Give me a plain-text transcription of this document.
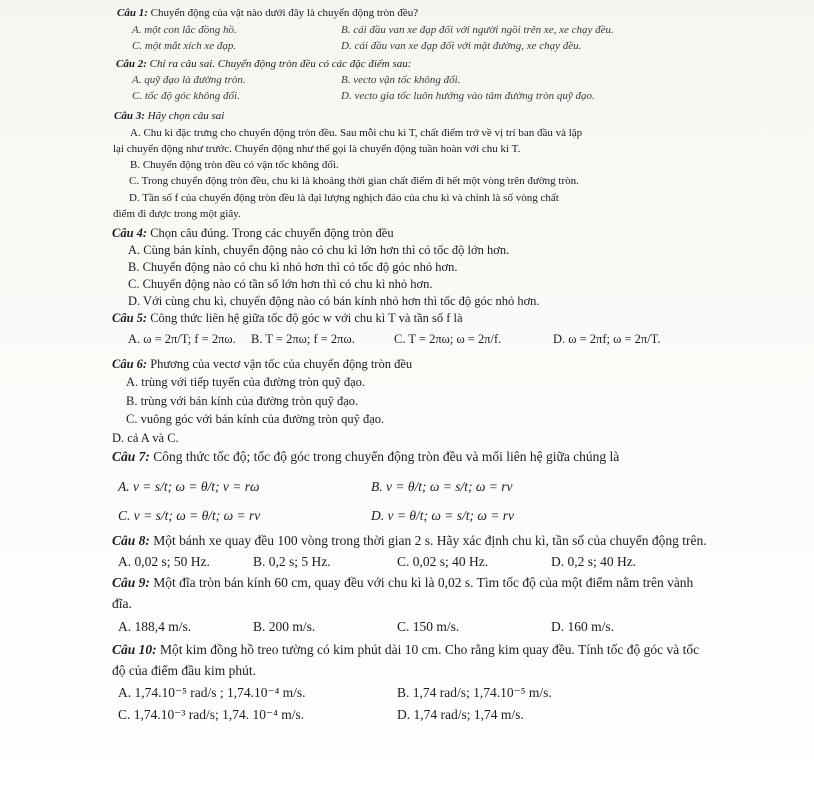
Câu 1: Chuyển động của vật nào dưới đây là chuyển động tròn đều?
A. một con lắc đồng hồ.	B. cái đầu van xe đạp đối với người ngồi trên xe, xe chạy đều.
C. một mắt xích xe đạp.	D. cái đầu van xe đạp đối với mặt đường, xe chạy đều.
Câu 2: Chỉ ra câu sai. Chuyển động tròn đều có các đặc điểm sau:
A. quỹ đạo là đường tròn.	B. vecto vận tốc không đổi.
C. tốc độ góc không đổi.	D. vecto gia tốc luôn hướng vào tâm đường tròn quỹ đạo.
Câu 3: Hãy chọn câu sai
A. Chu kì đặc trưng cho chuyển động tròn đều. Sau mỗi chu kì T, chất điểm trở về vị trí ban đầu và lặp
lại chuyển động như trước. Chuyển động như thế gọi là chuyển động tuần hoàn với chu kì T.
B. Chuyển động tròn đều có vận tốc không đổi.
C. Trong chuyển động tròn đều, chu kì là khoảng thời gian chất điểm đi hết một vòng trên đường tròn.
D. Tần số f của chuyển động tròn đều là đại lượng nghịch đảo của chu kì và chính là số vòng chất
điểm đi được trong một giây.
Câu 4: Chọn câu đúng. Trong các chuyển động tròn đều
A. Cùng bán kính, chuyển động nào có chu kì lớn hơn thì có tốc độ lớn hơn.
B. Chuyển động nào có chu kì nhỏ hơn thì có tốc độ góc nhỏ hơn.
C. Chuyển động nào có tần số lớn hơn thì có chu kì nhỏ hơn.
D. Với cùng chu kì, chuyển động nào có bán kính nhỏ hơn thì tốc độ góc nhỏ hơn.
Câu 5: Công thức liên hệ giữa tốc độ góc w với chu kì T và tần số f là
A. ω = 2π/T; f = 2πω. B. T = 2πω; f = 2πω.	C. T = 2πω; ω = 2π/f.	D. ω = 2πf; ω = 2π/T.
Câu 6: Phương của vectơ vận tốc của chuyển động tròn đều
A. trùng với tiếp tuyến của đường tròn quỹ đạo.
B. trùng với bán kính của đường tròn quỹ đạo.
C. vuông góc với bán kính của đường tròn quỹ đạo.
D. cả A và C.
Câu 7: Công thức tốc độ; tốc độ góc trong chuyển động tròn đều và mối liên hệ giữa chúng là
A. v = s/t; ω = θ/t; v = rω	B. v = θ/t; ω = s/t; ω = rv
C. v = s/t; ω = θ/t; ω = rv	D. v = θ/t; ω = s/t; ω = rv
Câu 8: Một bánh xe quay đều 100 vòng trong thời gian 2 s. Hãy xác định chu kì, tần số của chuyển động trên.
A. 0,02 s; 50 Hz.	B. 0,2 s; 5 Hz.	C. 0,02 s; 40 Hz.	D. 0,2 s; 40 Hz.
Câu 9: Một đĩa tròn bán kính 60 cm, quay đều với chu kì là 0,02 s. Tìm tốc độ của một điểm nằm trên vành
đĩa.
A. 188,4 m/s.	B. 200 m/s.	C. 150 m/s.	D. 160 m/s.
Câu 10: Một kim đồng hồ treo tường có kim phút dài 10 cm. Cho rằng kim quay đều. Tính tốc độ góc và tốc
độ của điểm đầu kim phút.
A. 1,74.10⁻⁵ rad/s ; 1,74.10⁻⁴ m/s.	B. 1,74 rad/s; 1,74.10⁻⁵ m/s.
C. 1,74.10⁻³ rad/s; 1,74. 10⁻⁴ m/s.	D. 1,74 rad/s; 1,74 m/s.
